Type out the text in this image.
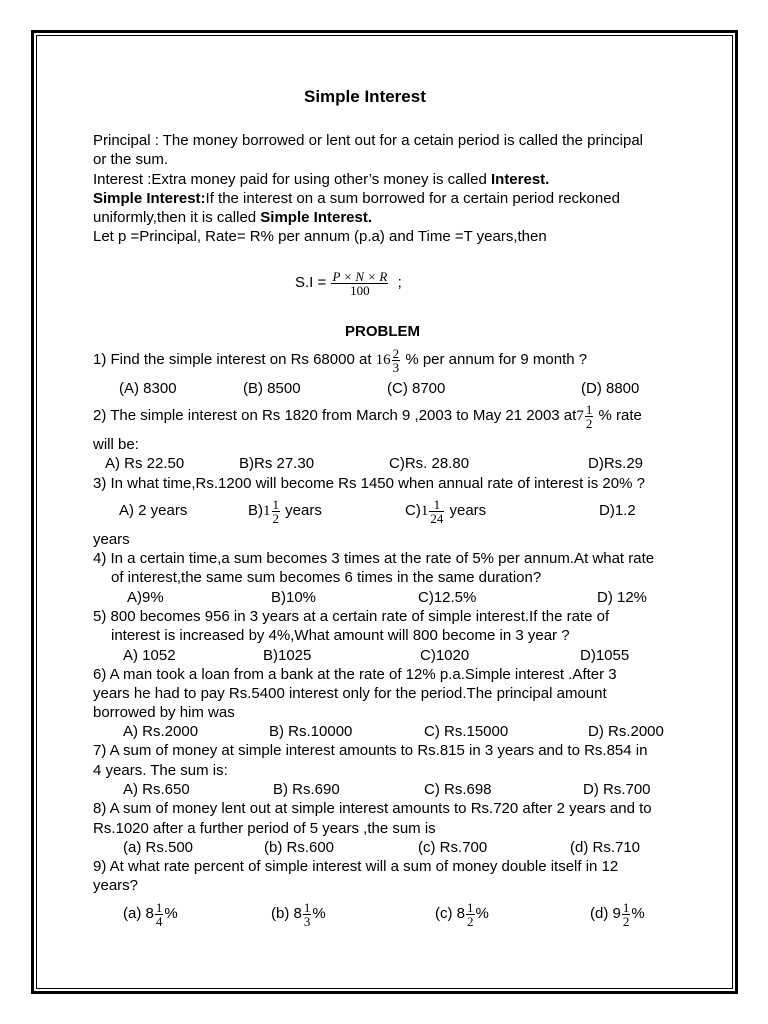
Simple Interest
Principal : The money borrowed or lent out for a cetain period is called the principal
or the sum.
Interest :Extra money paid for using other’s money is called Interest.
Simple Interest:If the interest on a sum borrowed for a certain period reckoned
uniformly,then it is called Simple Interest.
Let p =Principal, Rate= R% per annum (p.a) and Time =T years,then
$S.I = \frac{P \times N \times R}{100}$ ;
PROBLEM
1) Find the simple interest on Rs 68000 at $16 \frac{2}{3}$ % per annum for 9 month ?
(A) 8300	(B) 8500	(C) 8700	(D) 8800
2) The simple interest on Rs 1820 from March 9 ,2003 to May 21 2003 $at7 \frac{1}{2}$ % rate
will be:
A) Rs 22.50	B)Rs 27.30	C)Rs. 28.80	D)Rs.29
3) In what time,Rs.1200 will become Rs 1450 when annual rate of interest is 20% ?
A) 2 years	$B)1 \frac{1}{2}$ years	$C)1 \frac{1}{24}$ years	D)1.2
years
4) In a certain time,a sum becomes 3 times at the rate of 5% per annum.At what rate
of interest,the same sum becomes 6 times in the same duration?
A)9%	B)10%	C)12.5%	D) 12%
5) 800 becomes 956 in 3 years at a certain rate of simple interest.If the rate of
interest is increased by 4%,What amount will 800 become in 3 year ?
A) 1052	B)1025	C)1020	D)1055
6) A man took a loan from a bank at the rate of 12% p.a.Simple interest .After 3
years he had to pay Rs.5400 interest only for the period.The principal amount
borrowed by him was
A) Rs.2000	B) Rs.10000	C) Rs.15000	D) Rs.2000
7) A sum of money at simple interest amounts to Rs.815 in 3 years and to Rs.854 in
4 years. The sum is:
A) Rs.650	B) Rs.690	C) Rs.698	D) Rs.700
8) A sum of money lent out at simple interest amounts to Rs.720 after 2 years and to
Rs.1020 after a further period of 5 years ,the sum is
(a) Rs.500	(b) Rs.600	(c) Rs.700	(d) Rs.710
9) At what rate percent of simple interest will a sum of money double itself in 12
years?
(a) $8 \frac{1}{4}$ %	(b) $8 \frac{1}{3}$ %	(c) $8 \frac{1}{2}$ %	(d) $9 \frac{1}{2}$ %
